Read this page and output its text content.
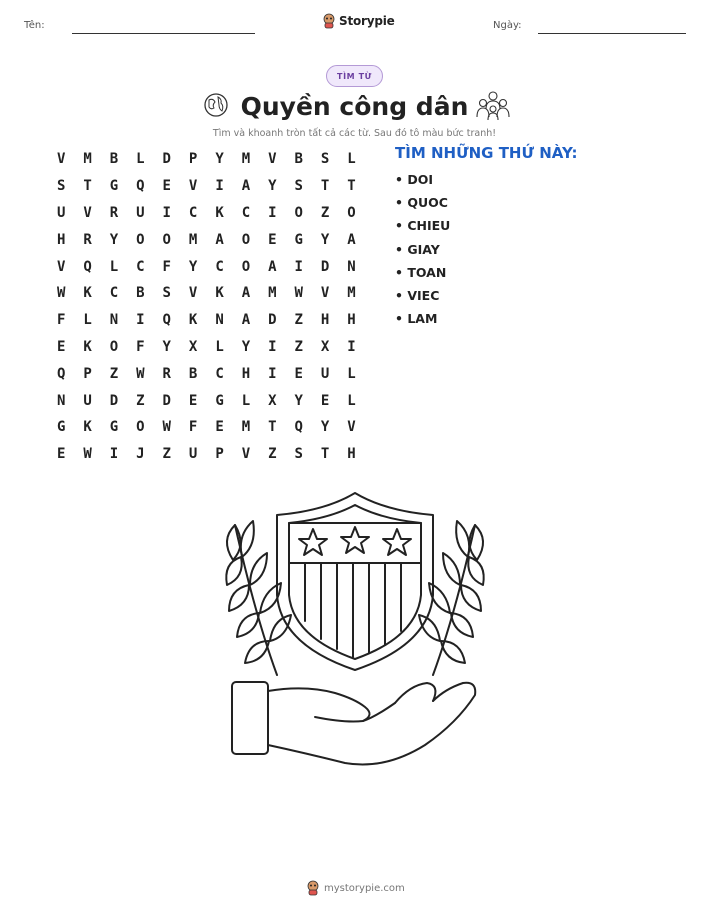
Tên:	Storypie	Ngày:
TÌM TỪ
Quyền công dân
Tìm và khoanh tròn tất cả các từ. Sau đó tô màu bức tranh!
V	M	B	L	D	P	Y	M	V	B	S	L
S	T	G	Q	E	V	I	A	Y	S	T	T
U	V	R	U	I	C	K	C	I	O	Z	O
H	R	Y	O	O	M	A	O	E	G	Y	A
V	Q	L	C	F	Y	C	O	A	I	D	N
W	K	C	B	S	V	K	A	M	W	V	M
F	L	N	I	Q	K	N	A	D	Z	H	H
E	K	O	F	Y	X	L	Y	I	Z	X	I
Q	P	Z	W	R	B	C	H	I	E	U	L
N	U	D	Z	D	E	G	L	X	Y	E	L
G	K	G	O	W	F	E	M	T	Q	Y	V
E	W	I	J	Z	U	P	V	Z	S	T	H
TÌM NHỮNG THỨ NÀY:
• DOI
• QUOC
• CHIEU
• GIAY
• TOAN
• VIEC
• LAM
mystorypie.com
